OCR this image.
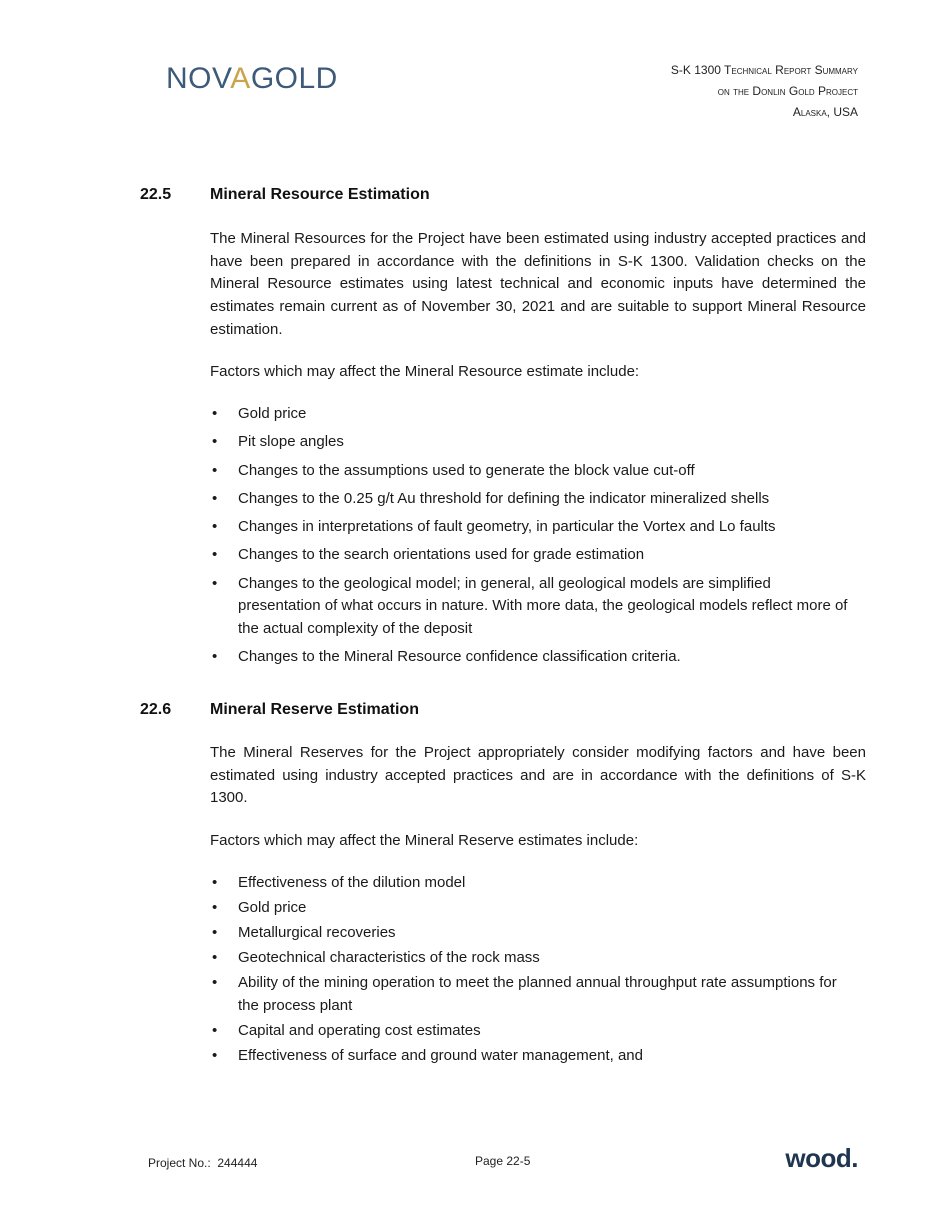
NOVAGOLD	S-K 1300 Technical Report Summary
on the Donlin Gold Project
Alaska, USA
22.5 Mineral Resource Estimation
The Mineral Resources for the Project have been estimated using industry accepted practices and have been prepared in accordance with the definitions in S-K 1300. Validation checks on the Mineral Resource estimates using latest technical and economic inputs have determined the estimates remain current as of November 30, 2021 and are suitable to support Mineral Resource estimation.
Factors which may affect the Mineral Resource estimate include:
• Gold price
• Pit slope angles
• Changes to the assumptions used to generate the block value cut-off
• Changes to the 0.25 g/t Au threshold for defining the indicator mineralized shells
• Changes in interpretations of fault geometry, in particular the Vortex and Lo faults
• Changes to the search orientations used for grade estimation
• Changes to the geological model; in general, all geological models are simplified presentation of what occurs in nature. With more data, the geological models reflect more of the actual complexity of the deposit
• Changes to the Mineral Resource confidence classification criteria.
22.6 Mineral Reserve Estimation
The Mineral Reserves for the Project appropriately consider modifying factors and have been estimated using industry accepted practices and are in accordance with the definitions of S-K 1300.
Factors which may affect the Mineral Reserve estimates include:
• Effectiveness of the dilution model
• Gold price
• Metallurgical recoveries
• Geotechnical characteristics of the rock mass
• Ability of the mining operation to meet the planned annual throughput rate assumptions for the process plant
• Capital and operating cost estimates
• Effectiveness of surface and ground water management, and
Project No.: 244444	Page 22-5	wood.
